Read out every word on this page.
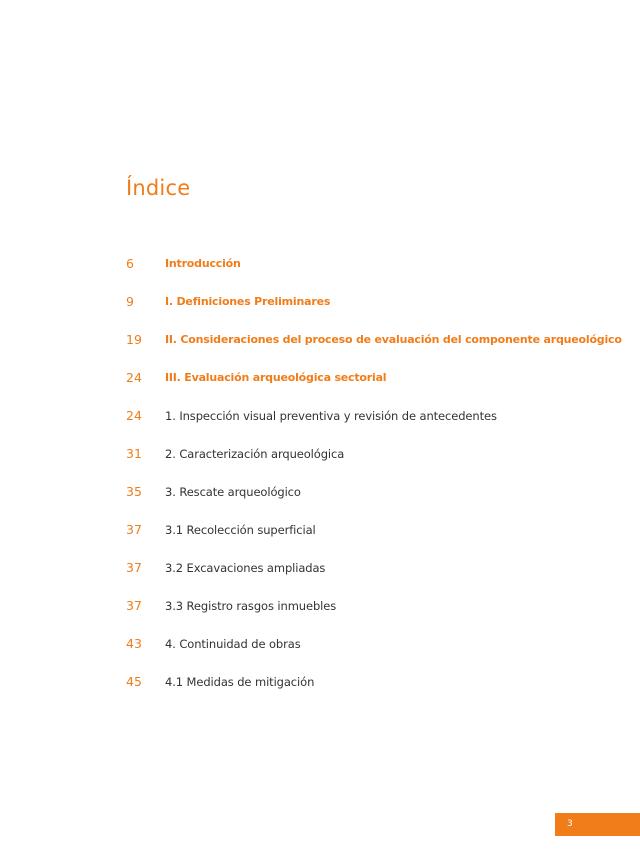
Índice
6	Introducción
9	I. Definiciones Preliminares
19	II. Consideraciones del proceso de evaluación del componente arqueológico
24	III. Evaluación arqueológica sectorial
24	1. Inspección visual preventiva y revisión de antecedentes
31	2. Caracterización arqueológica
35	3. Rescate arqueológico
37	3.1 Recolección superficial
37	3.2 Excavaciones ampliadas
37	3.3 Registro rasgos inmuebles
43	4. Continuidad de obras
45	4.1 Medidas de mitigación
3
